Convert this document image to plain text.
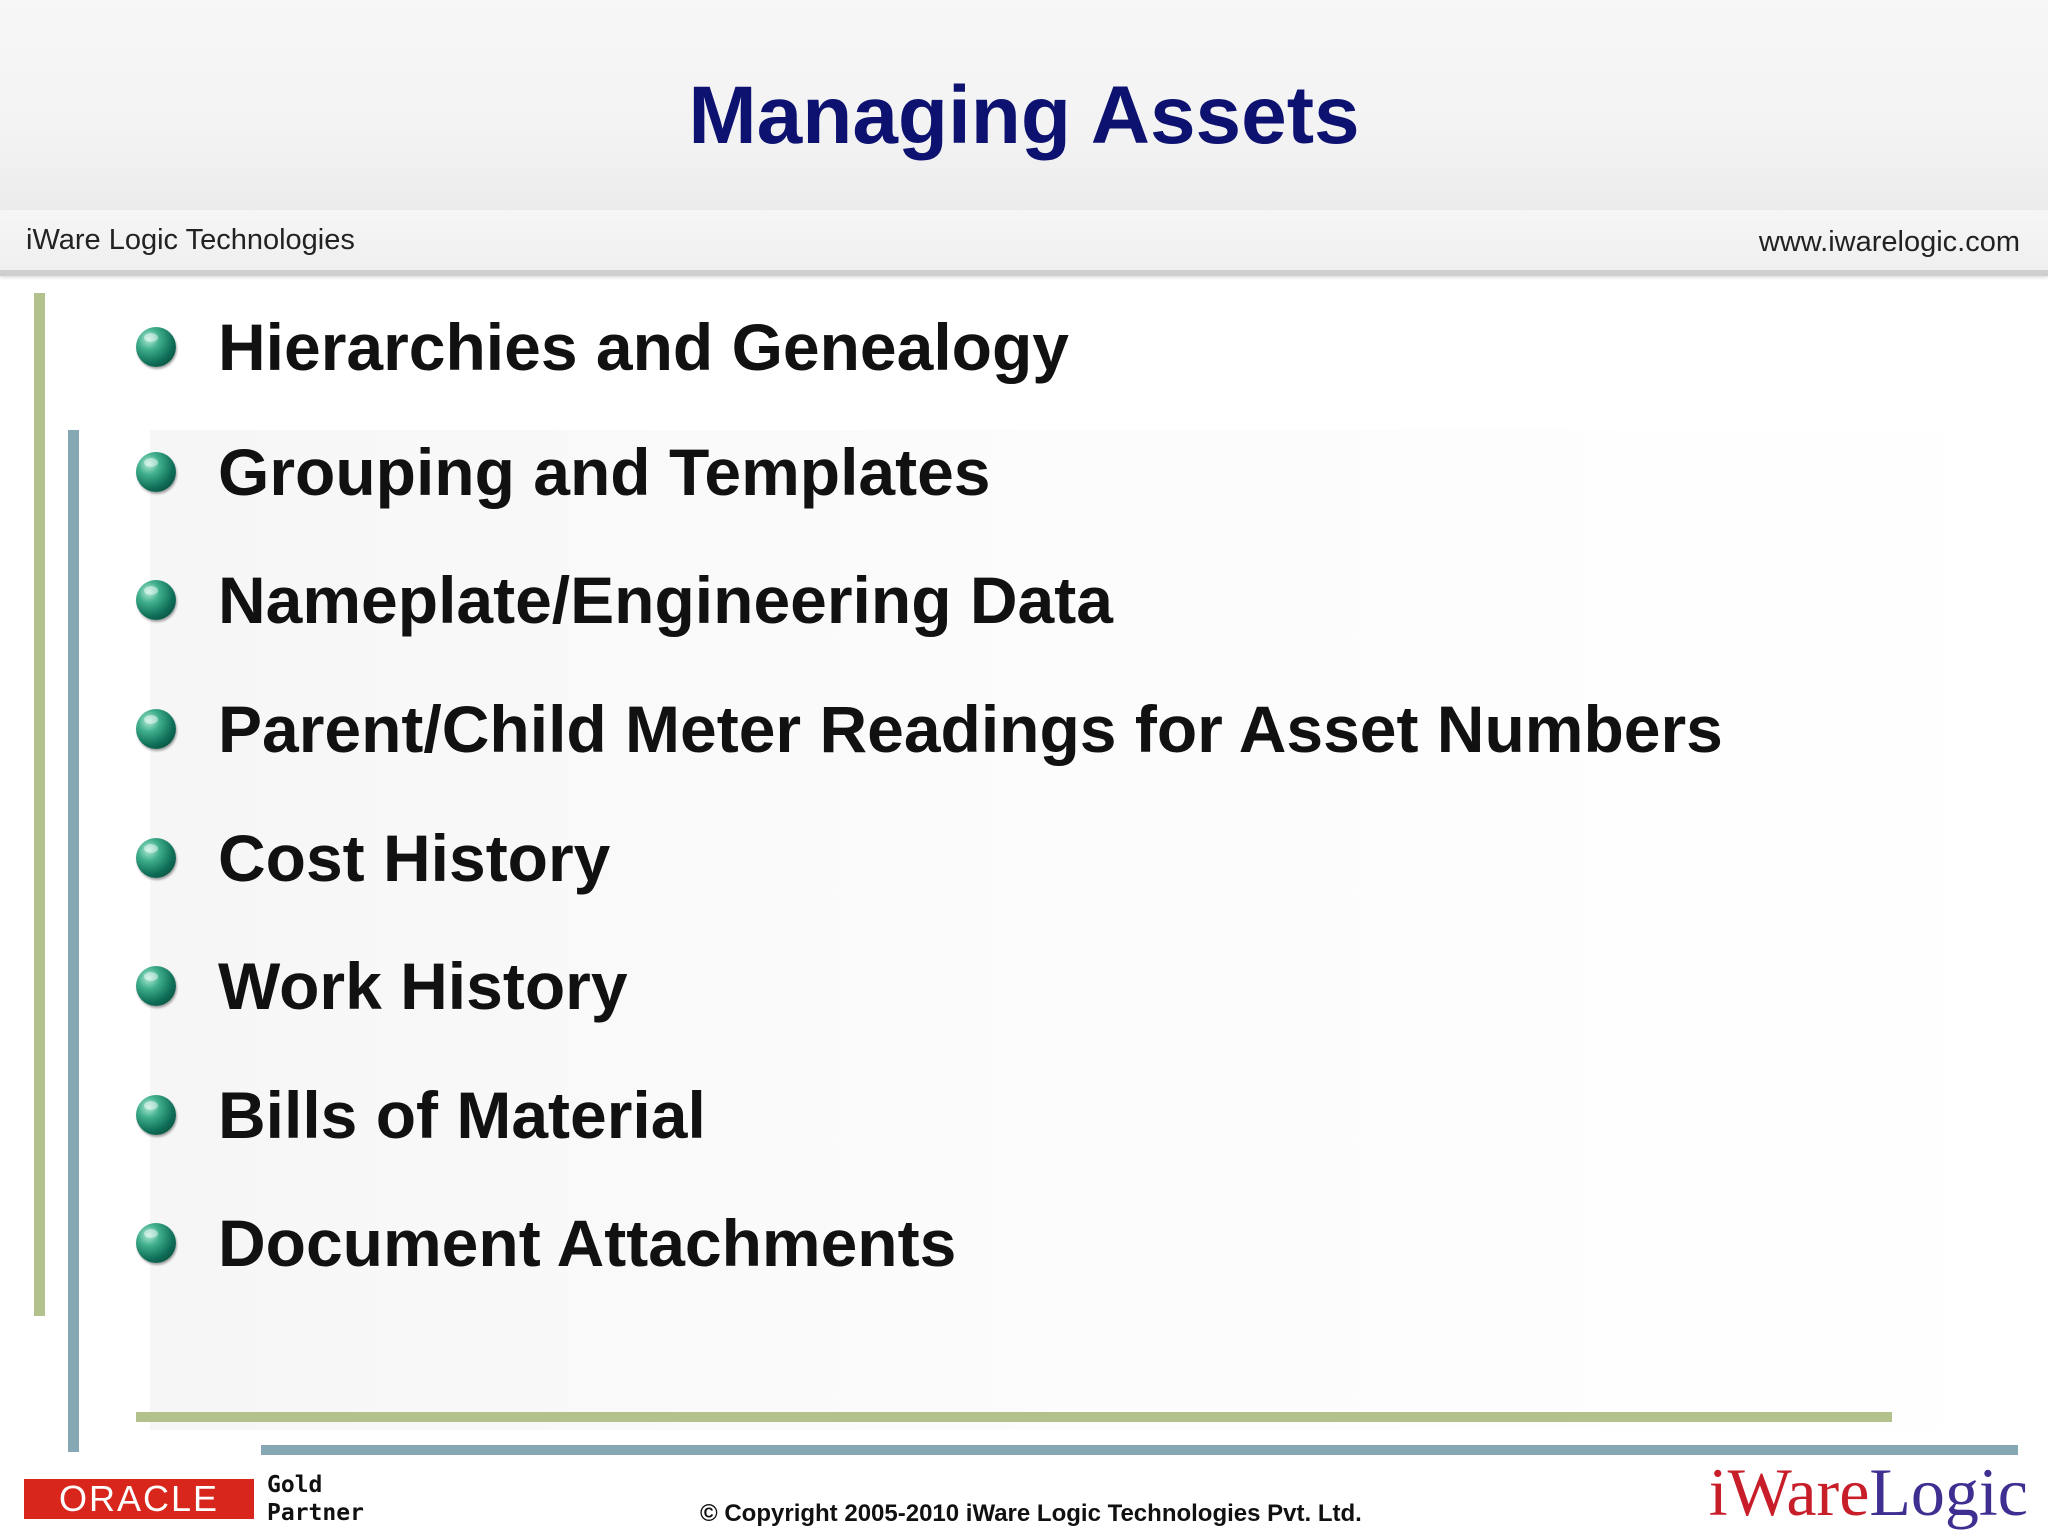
Managing Assets
iWare Logic Technologies	www.iwarelogic.com
Hierarchies and Genealogy
Grouping and Templates
Nameplate/Engineering Data
Parent/Child Meter Readings for Asset Numbers
Cost History
Work History
Bills of Material
Document Attachments
ORACLE	Gold
Partner	© Copyright 2005-2010 iWare Logic Technologies Pvt. Ltd.	iWareLogic
